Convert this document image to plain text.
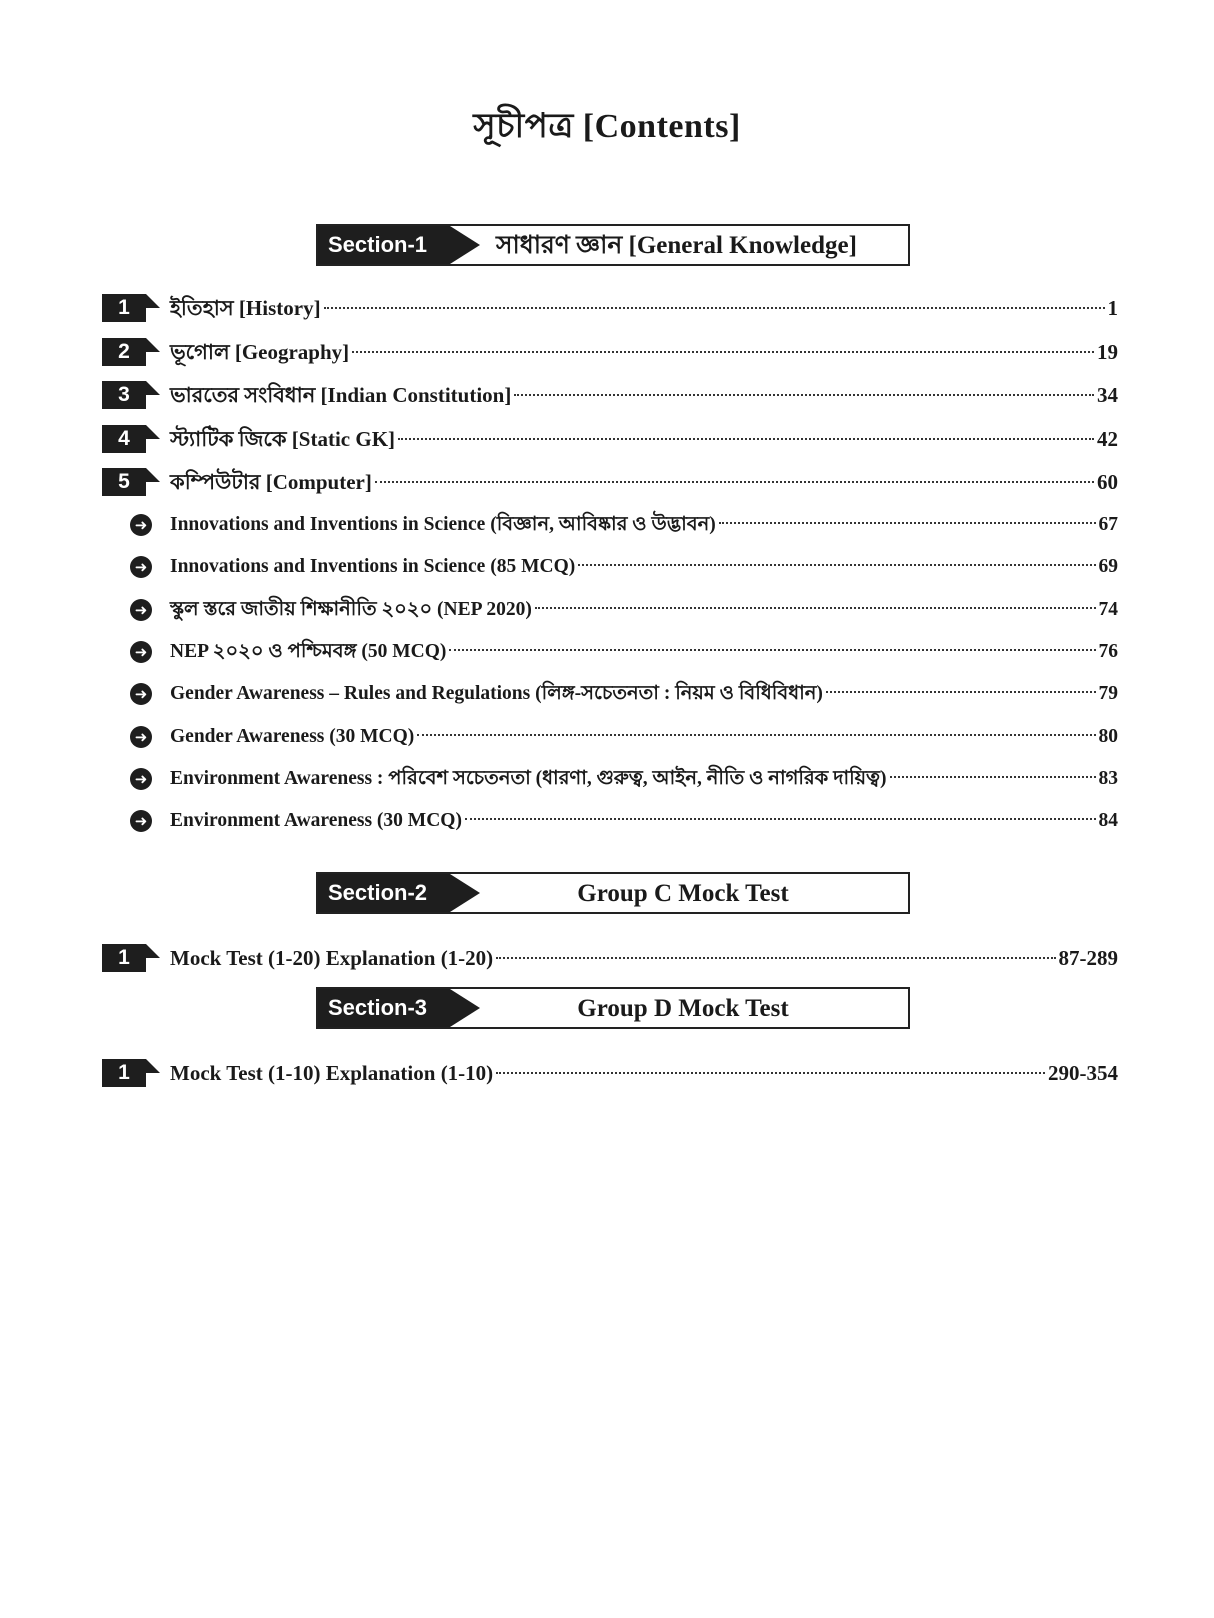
সূচীপত্র [Contents]
Section-1	সাধারণ জ্ঞান [General Knowledge]
1	ইতিহাস [History]	1
2	ভূগোল [Geography]	19
3	ভারতের সংবিধান [Indian Constitution]	34
4	স্ট্যাটিক জিকে [Static GK]	42
5	কম্পিউটার [Computer]	60
➜ Innovations and Inventions in Science (বিজ্ঞান, আবিষ্কার ও উদ্ভাবন)	67
➜ Innovations and Inventions in Science (85 MCQ)	69
➜ স্কুল স্তরে জাতীয় শিক্ষানীতি ২০২০ (NEP 2020)	74
➜ NEP ২০২০ ও পশ্চিমবঙ্গ (50 MCQ)	76
➜ Gender Awareness – Rules and Regulations (লিঙ্গ-সচেতনতা : নিয়ম ও বিধিবিধান)	79
➜ Gender Awareness (30 MCQ)	80
➜ Environment Awareness : পরিবেশ সচেতনতা (ধারণা, গুরুত্ব, আইন, নীতি ও নাগরিক দায়িত্ব)	83
➜ Environment Awareness (30 MCQ)	84
Section-2	Group C Mock Test
1	Mock Test (1-20) Explanation (1-20)	87-289
Section-3	Group D Mock Test
1	Mock Test (1-10) Explanation (1-10)	290-354
